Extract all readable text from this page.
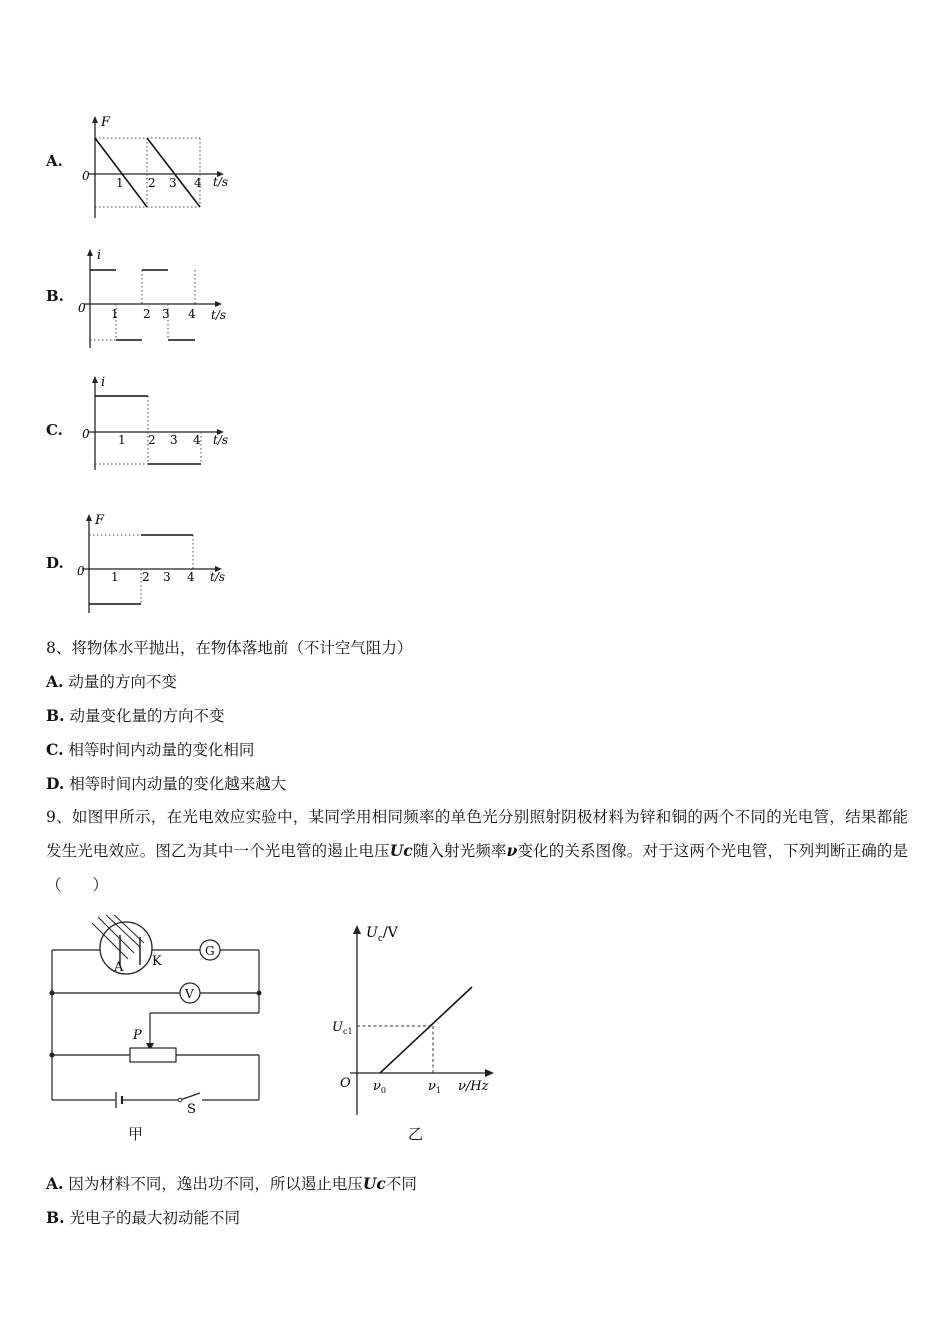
A.
F
0 1 2 3 4 t/s
B.
i
0 1 2 3 4 t/s
C.
i
0 1 2 3 4 t/s
D.
F
0 1 2 3 4 t/s
8、将物体水平抛出，在物体落地前（不计空气阻力）
A. 动量的方向不变
B. 动量变化量的方向不变
C. 相等时间内动量的变化相同
D. 相等时间内动量的变化越来越大
9、如图甲所示，在光电效应实验中，某同学用相同频率的单色光分别照射阴极材料为锌和铜的两个不同的光电管，结果都能发生光电效应。图乙为其中一个光电管的遏止电压Uc随入射光频率ν变化的关系图像。对于这两个光电管，下列判断正确的是（　　）
A K
G
V
P
S
甲
$U_c/V$
$U_{c1}$
O $\nu_0$	$\nu_1$ ν/Hz
乙
A. 因为材料不同，逸出功不同，所以遏止电压Uc不同
B. 光电子的最大初动能不同
